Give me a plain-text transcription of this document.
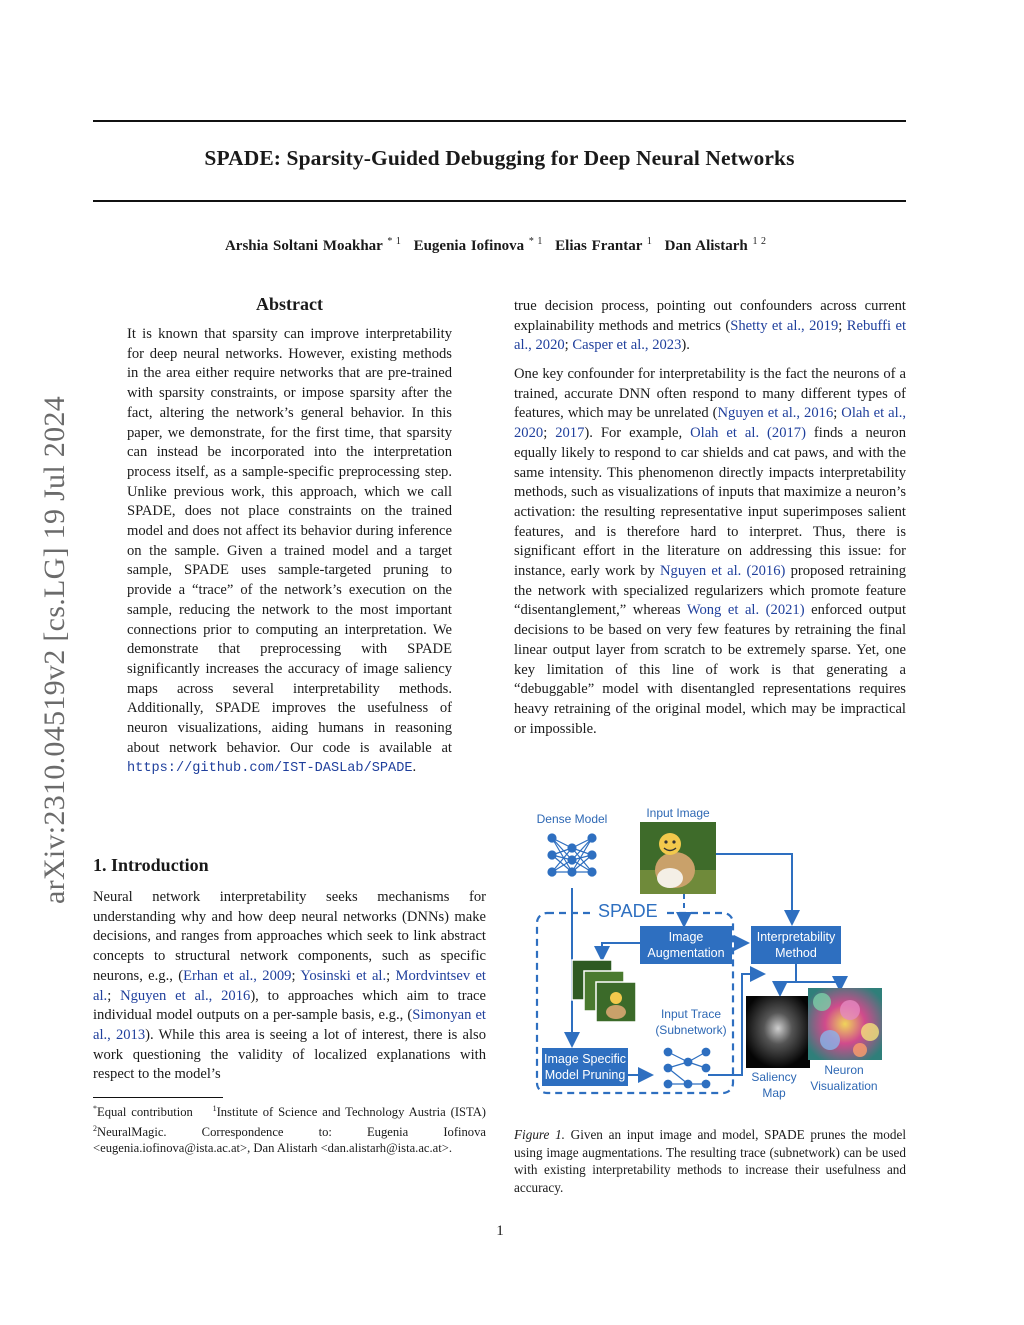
SPADE: Sparsity-Guided Debugging for Deep Neural Networks
Arshia Soltani Moakhar $^{* 1}$ Eugenia Iofinova $^{* 1}$ Elias Frantar $^1$ Dan Alistarh $^{1 2}$
arXiv:2310.04519v2 [cs.LG] 19 Jul 2024
Abstract

It is known that sparsity can improve interpretability for deep neural networks. However, existing methods in the area either require networks that are pre-trained with sparsity constraints, or impose sparsity after the fact, altering the network’s general behavior. In this paper, we demonstrate, for the first time, that sparsity can instead be incorporated into the interpretation process itself, as a sample-specific preprocessing step. Unlike previous work, this approach, which we call SPADE, does not place constraints on the trained model and does not affect its behavior during inference on the sample. Given a trained model and a target sample, SPADE uses sample-targeted pruning to provide a “trace” of the network’s execution on the sample, reducing the network to the most important connections prior to computing an interpretation. We demonstrate that preprocessing with SPADE significantly increases the accuracy of image saliency maps across several interpretability methods. Additionally, SPADE improves the usefulness of neuron visualizations, aiding humans in reasoning about network behavior. Our code is available at https://github.com/IST-DASLab/SPADE.

1. Introduction

Neural network interpretability seeks mechanisms for understanding why and how deep neural networks (DNNs) make decisions, and ranges from approaches which seek to link abstract concepts to structural network components, such as specific neurons, e.g., (Erhan et al., 2009; Yosinski et al.; Mordvintsev et al.; Nguyen et al., 2016), to approaches which aim to trace individual model outputs on a per-sample basis, e.g., (Simonyan et al., 2013). While this area is seeing a lot of interest, there is also work questioning the validity of localized explanations with respect to the model’s

*Equal contribution $^1$Institute of Science and Technology Austria (ISTA) $^2$NeuralMagic. Correspondence to: Eugenia Iofinova <eugenia.iofinova@ista.ac.at>, Dan Alistarh <dan.alistarh@ista.ac.at>.

true decision process, pointing out confounders across current explainability methods and metrics (Shetty et al., 2019; Rebuffi et al., 2020; Casper et al., 2023).

One key confounder for interpretability is the fact the neurons of a trained, accurate DNN often respond to many different types of features, which may be unrelated (Nguyen et al., 2016; Olah et al., 2020; 2017). For example, Olah et al. (2017) finds a neuron equally likely to respond to car shields and cat paws, and with the same intensity. This phenomenon directly impacts interpretability methods, such as visualizations of inputs that maximize a neuron’s activation: the resulting representative input superimposes salient features, and is therefore hard to interpret. Thus, there is significant effort in the literature on addressing this issue: for instance, early work by Nguyen et al. (2016) proposed retraining the network with specialized regularizers which promote feature “disentanglement,” whereas Wong et al. (2021) enforced output decisions to be based on very few features by retraining the final linear output layer from scratch to be extremely sparse. Yet, one key limitation of this line of work is that generating a “debuggable” model with disentangled representations requires heavy retraining of the original model, which may be impractical or impossible.

Dense Model	Input Image
SPADE
Image Augmentation
Interpretability Method
Input Trace (Subnetwork)
Image Specific Model Pruning	Saliency Map
Neuron Visualization
Figure 1. Given an input image and model, SPADE prunes the model using image augmentations. The resulting trace (subnetwork) can be used with existing interpretability methods to increase their usefulness and accuracy.
1
